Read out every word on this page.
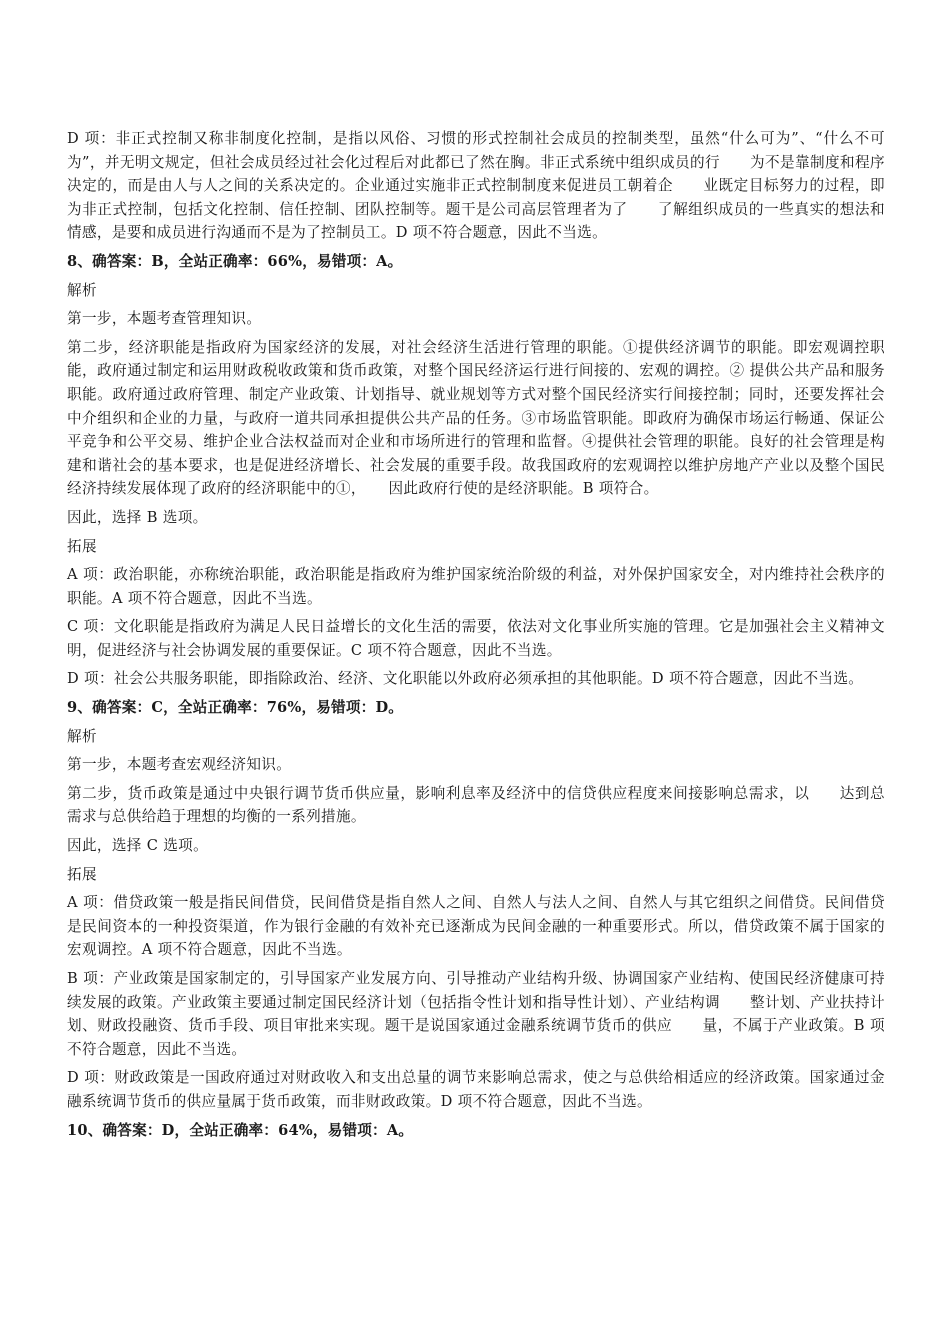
D 项：非正式控制又称非制度化控制，是指以风俗、习惯的形式控制社会成员的控制类型，虽然“什么可为”、“什么不可为”，并无明文规定，但社会成员经过社会化过程后对此都已了然在胸。非正式系统中组织成员的行　　为不是靠制度和程序决定的，而是由人与人之间的关系决定的。企业通过实施非正式控制制度来促进员工朝着企　　业既定目标努力的过程，即为非正式控制，包括文化控制、信任控制、团队控制等。题干是公司高层管理者为了　　了解组织成员的一些真实的想法和情感，是要和成员进行沟通而不是为了控制员工。D 项不符合题意，因此不当选。
8、确答案：B，全站正确率：66%，易错项：A。
解析
第一步，本题考查管理知识。
第二步，经济职能是指政府为国家经济的发展，对社会经济生活进行管理的职能。①提供经济调节的职能。即宏观调控职能，政府通过制定和运用财政税收政策和货币政策，对整个国民经济运行进行间接的、宏观的调控。② 提供公共产品和服务职能。政府通过政府管理、制定产业政策、计划指导、就业规划等方式对整个国民经济实行间接控制；同时，还要发挥社会中介组织和企业的力量，与政府一道共同承担提供公共产品的任务。③市场监管职能。即政府为确保市场运行畅通、保证公平竞争和公平交易、维护企业合法权益而对企业和市场所进行的管理和监督。④提供社会管理的职能。良好的社会管理是构建和谐社会的基本要求，也是促进经济增长、社会发展的重要手段。故我国政府的宏观调控以维护房地产产业以及整个国民经济持续发展体现了政府的经济职能中的①，　　因此政府行使的是经济职能。B 项符合。
因此，选择 B 选项。
拓展
A 项：政治职能，亦称统治职能，政治职能是指政府为维护国家统治阶级的利益，对外保护国家安全，对内维持社会秩序的职能。A 项不符合题意，因此不当选。
C 项：文化职能是指政府为满足人民日益增长的文化生活的需要，依法对文化事业所实施的管理。它是加强社会主义精神文明，促进经济与社会协调发展的重要保证。C 项不符合题意，因此不当选。
D 项：社会公共服务职能，即指除政治、经济、文化职能以外政府必须承担的其他职能。D 项不符合题意，因此不当选。
9、确答案：C，全站正确率：76%，易错项：D。
解析
第一步，本题考查宏观经济知识。
第二步，货币政策是通过中央银行调节货币供应量，影响利息率及经济中的信贷供应程度来间接影响总需求，以　　达到总需求与总供给趋于理想的均衡的一系列措施。
因此，选择 C 选项。
拓展
A 项：借贷政策一般是指民间借贷，民间借贷是指自然人之间、自然人与法人之间、自然人与其它组织之间借贷。民间借贷是民间资本的一种投资渠道，作为银行金融的有效补充已逐渐成为民间金融的一种重要形式。所以，借贷政策不属于国家的宏观调控。A 项不符合题意，因此不当选。
B 项：产业政策是国家制定的，引导国家产业发展方向、引导推动产业结构升级、协调国家产业结构、使国民经济健康可持续发展的政策。产业政策主要通过制定国民经济计划（包括指令性计划和指导性计划）、产业结构调　　整计划、产业扶持计划、财政投融资、货币手段、项目审批来实现。题干是说国家通过金融系统调节货币的供应　　量，不属于产业政策。B 项不符合题意，因此不当选。
D 项：财政政策是一国政府通过对财政收入和支出总量的调节来影响总需求，使之与总供给相适应的经济政策。国家通过金融系统调节货币的供应量属于货币政策，而非财政政策。D 项不符合题意，因此不当选。
10、确答案：D，全站正确率：64%，易错项：A。
